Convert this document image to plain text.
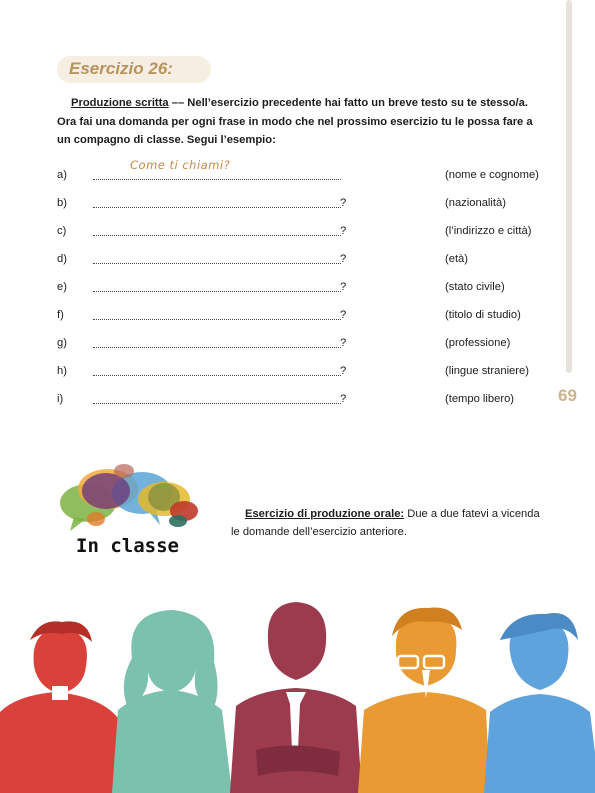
69
Esercizio 26:
Produzione scritta –– Nell’esercizio precedente hai fatto un breve testo su te stesso/a. Ora fai una domanda per ogni frase in modo che nel prossimo esercizio tu le possa fare a un compagno di classe. Segui l’esempio:
Come ti chiami?
a)	(nome e cognome)
b)	?	(nazionalità)
c)	?	(l’indirizzo e città)
d)	?	(età)
e)	?	(stato civile)
f)	?	(titolo di studio)
g)	?	(professione)
h)	?	(lingue straniere)
i)	?	(tempo libero)
In classe
Esercizio di produzione orale: Due a due fatevi a vicenda le domande dell’esercizio anteriore.
